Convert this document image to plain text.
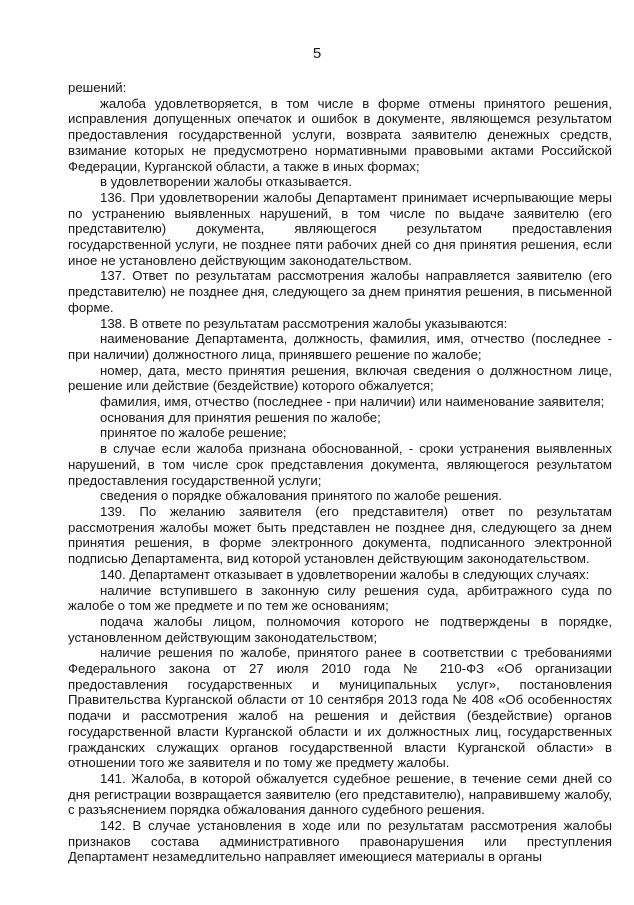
5

решений:

жалоба удовлетворяется, в том числе в форме отмены принятого решения, исправления допущенных опечаток и ошибок в документе, являющемся результатом предоставления государственной услуги, возврата заявителю денежных средств, взимание которых не предусмотрено нормативными правовыми актами Российской Федерации, Курганской области, а также в иных формах;

в удовлетворении жалобы отказывается.

136. При удовлетворении жалобы Департамент принимает исчерпывающие меры по устранению выявленных нарушений, в том числе по выдаче заявителю (его представителю) документа, являющегося результатом предоставления государственной услуги, не позднее пяти рабочих дней со дня принятия решения, если иное не установлено действующим законодательством.

137. Ответ по результатам рассмотрения жалобы направляется заявителю (его представителю) не позднее дня, следующего за днем принятия решения, в письменной форме.

138. В ответе по результатам рассмотрения жалобы указываются:

наименование Департамента, должность, фамилия, имя, отчество (последнее - при наличии) должностного лица, принявшего решение по жалобе;

номер, дата, место принятия решения, включая сведения о должностном лице, решение или действие (бездействие) которого обжалуется;

фамилия, имя, отчество (последнее - при наличии) или наименование заявителя;

основания для принятия решения по жалобе;

принятое по жалобе решение;

в случае если жалоба признана обоснованной, - сроки устранения выявленных нарушений, в том числе срок представления документа, являющегося результатом предоставления государственной услуги;

сведения о порядке обжалования принятого по жалобе решения.

139. По желанию заявителя (его представителя) ответ по результатам рассмотрения жалобы может быть представлен не позднее дня, следующего за днем принятия решения, в форме электронного документа, подписанного электронной подписью Департамента, вид которой установлен действующим законодательством.

140. Департамент отказывает в удовлетворении жалобы в следующих случаях:

наличие вступившего в законную силу решения суда, арбитражного суда по жалобе о том же предмете и по тем же основаниям;

подача жалобы лицом, полномочия которого не подтверждены в порядке, установленном действующим законодательством;

наличие решения по жалобе, принятого ранее в соответствии с требованиями Федерального закона от 27 июля 2010 года № 210-ФЗ «Об организации предоставления государственных и муниципальных услуг», постановления Правительства Курганской области от 10 сентября 2013 года № 408 «Об особенностях подачи и рассмотрения жалоб на решения и действия (бездействие) органов государственной власти Курганской области и их должностных лиц, государственных гражданских служащих органов государственной власти Курганской области» в отношении того же заявителя и по тому же предмету жалобы.

141. Жалоба, в которой обжалуется судебное решение, в течение семи дней со дня регистрации возвращается заявителю (его представителю), направившему жалобу, с разъяснением порядка обжалования данного судебного решения.

142. В случае установления в ходе или по результатам рассмотрения жалобы признаков состава административного правонарушения или преступления Департамент незамедлительно направляет имеющиеся материалы в органы
